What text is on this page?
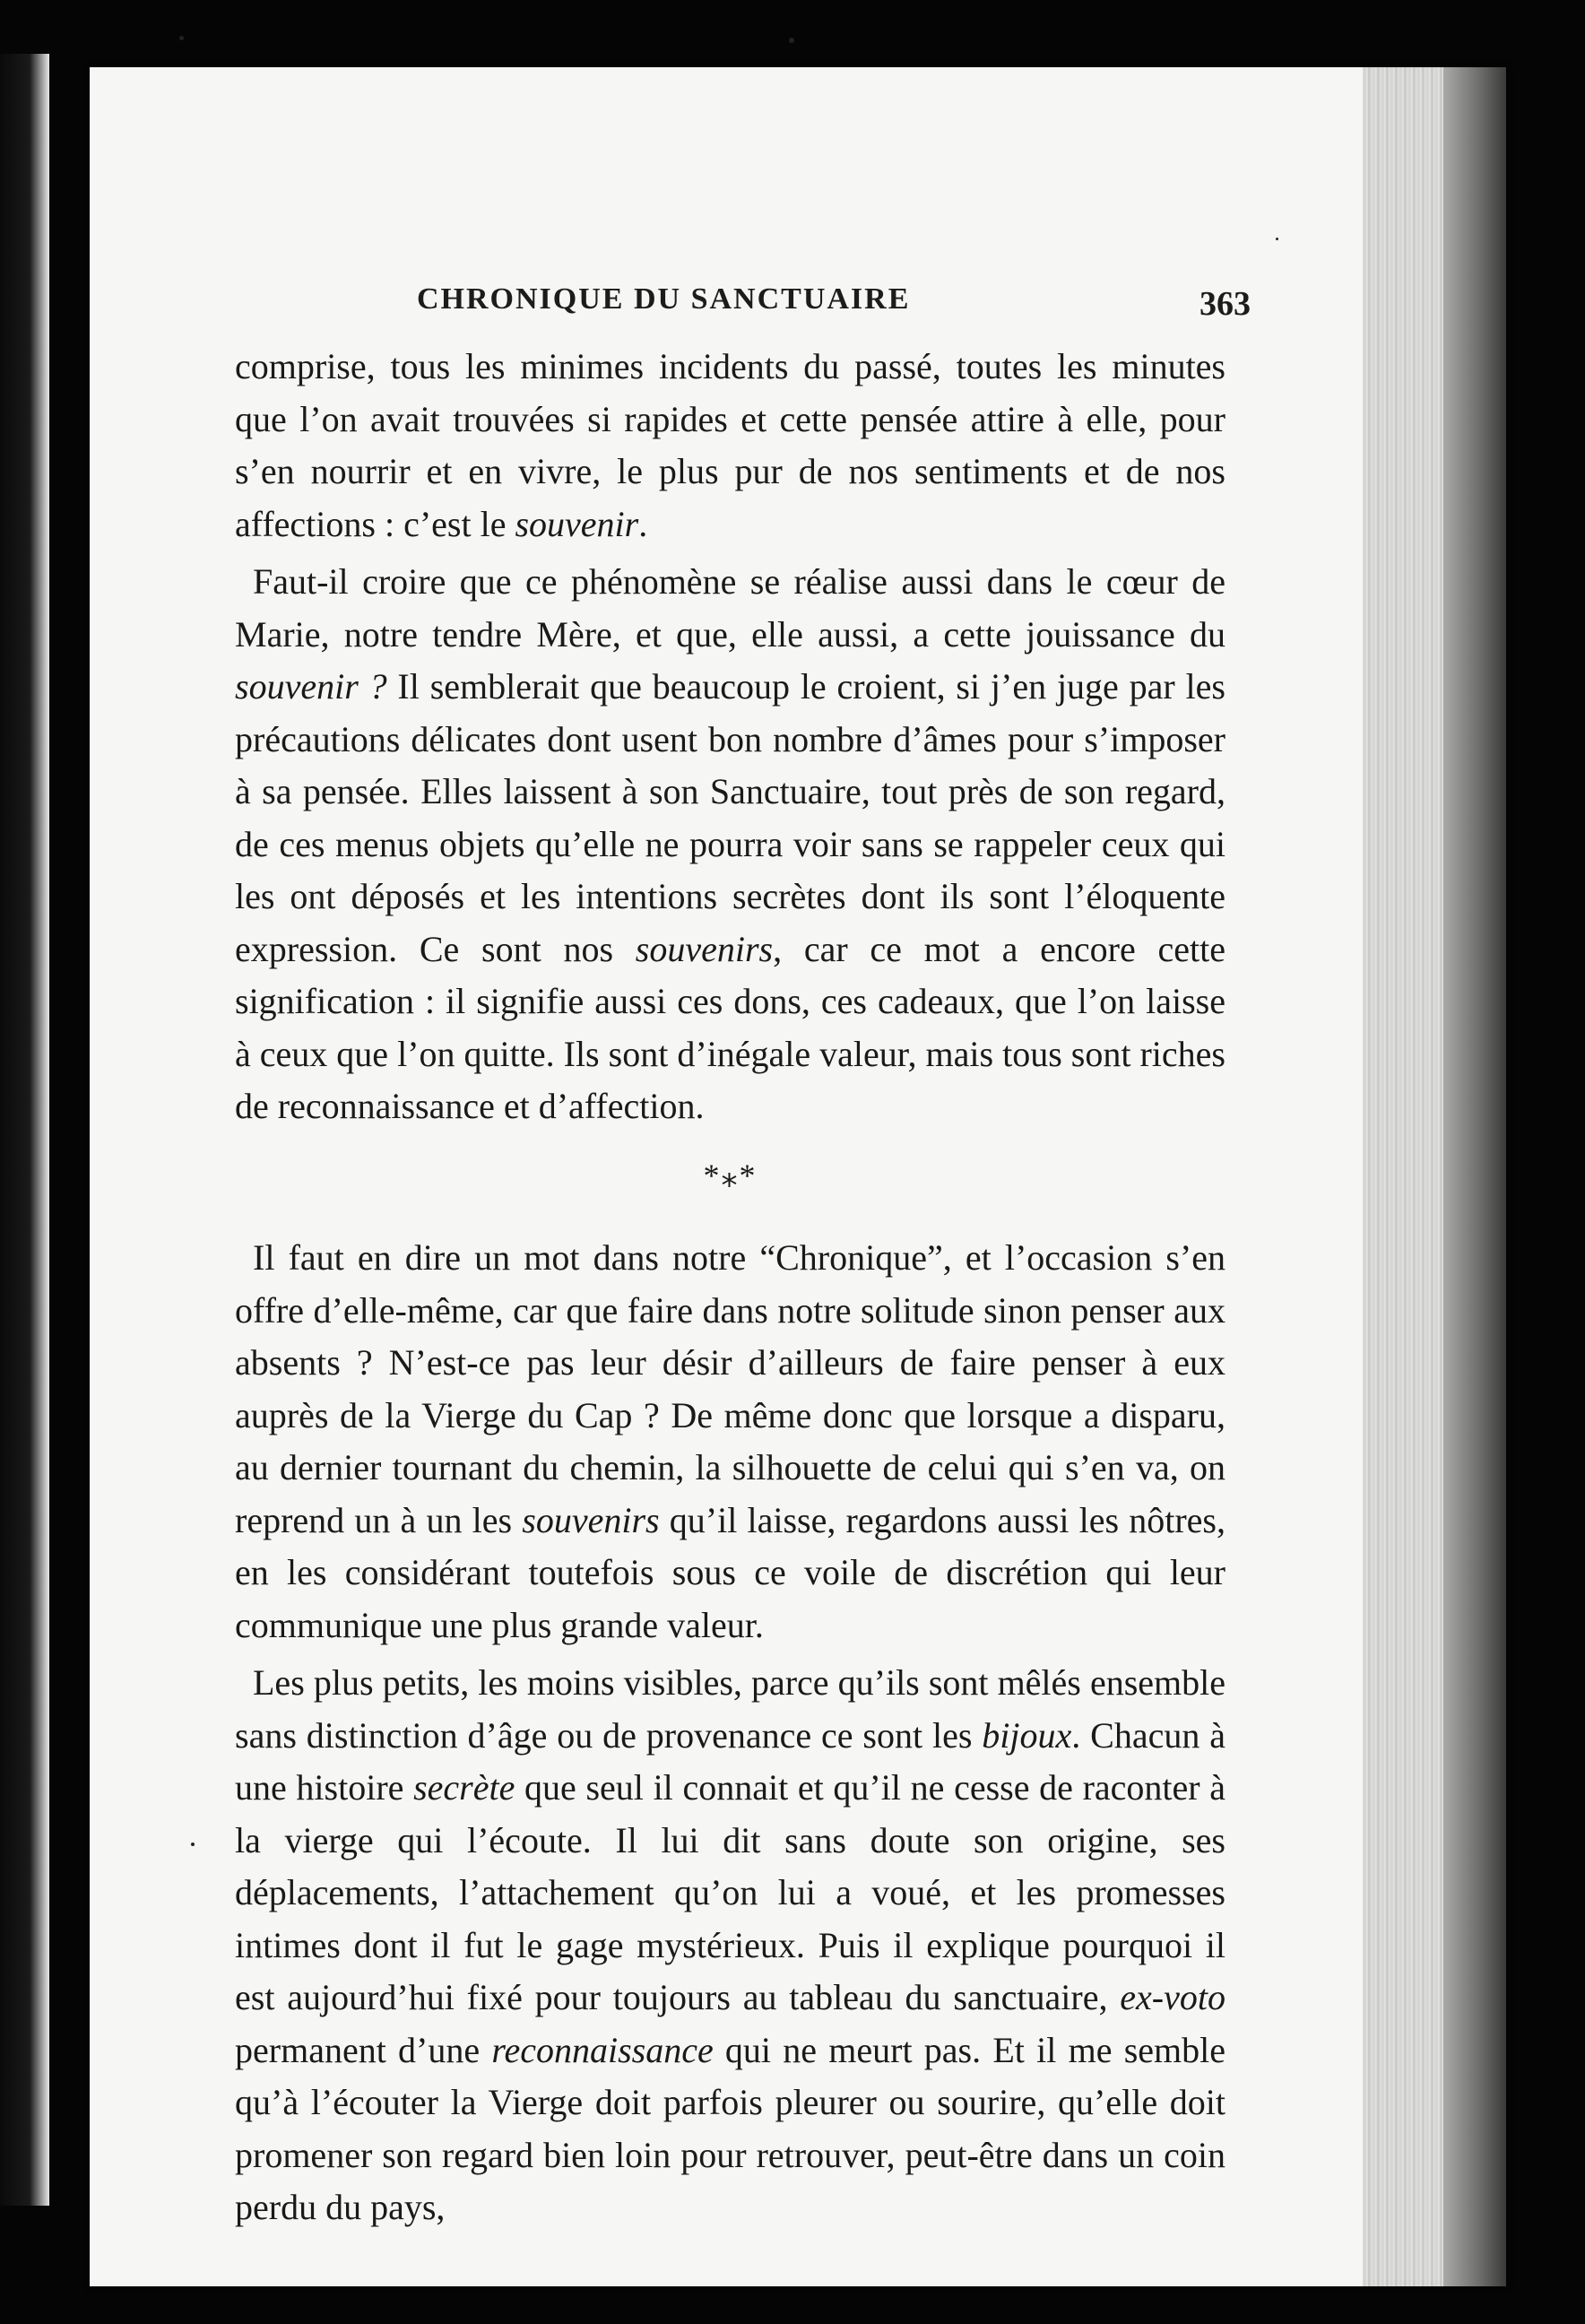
CHRONIQUE DU SANCTUAIRE	363

comprise, tous les minimes incidents du passé, toutes les minutes que l’on avait trouvées si rapides et cette pensée attire à elle, pour s’en nourrir et en vivre, le plus pur de nos sentiments et de nos affections : c’est le souvenir.

Faut-il croire que ce phénomène se réalise aussi dans le cœur de Marie, notre tendre Mère, et que, elle aussi, a cette jouissance du souvenir ? Il semblerait que beaucoup le croient, si j’en juge par les précautions délicates dont usent bon nombre d’âmes pour s’imposer à sa pensée. Elles laissent à son Sanctuaire, tout près de son regard, de ces menus objets qu’elle ne pourra voir sans se rappeler ceux qui les ont déposés et les intentions secrètes dont ils sont l’éloquente expression. Ce sont nos souvenirs, car ce mot a encore cette signification : il signifie aussi ces dons, ces cadeaux, que l’on laisse à ceux que l’on quitte. Ils sont d’inégale valeur, mais tous sont riches de reconnaissance et d’affection.

*⁎*

Il faut en dire un mot dans notre “Chronique”, et l’occasion s’en offre d’elle-même, car que faire dans notre solitude sinon penser aux absents ? N’est-ce pas leur désir d’ailleurs de faire penser à eux auprès de la Vierge du Cap ? De même donc que lorsque a disparu, au dernier tournant du chemin, la silhouette de celui qui s’en va, on reprend un à un les souvenirs qu’il laisse, regardons aussi les nôtres, en les considérant toutefois sous ce voile de discrétion qui leur communique une plus grande valeur.

Les plus petits, les moins visibles, parce qu’ils sont mêlés ensemble sans distinction d’âge ou de provenance ce sont les bijoux. Chacun à une histoire secrète que seul il connait et qu’il ne cesse de raconter à la vierge qui l’écoute. Il lui dit sans doute son origine, ses déplacements, l’attachement qu’on lui a voué, et les promesses intimes dont il fut le gage mystérieux. Puis il explique pourquoi il est aujourd’hui fixé pour toujours au tableau du sanctuaire, ex-voto permanent d’une reconnaissance qui ne meurt pas. Et il me semble qu’à l’écouter la Vierge doit parfois pleurer ou sourire, qu’elle doit promener son regard bien loin pour retrouver, peut-être dans un coin perdu du pays,
